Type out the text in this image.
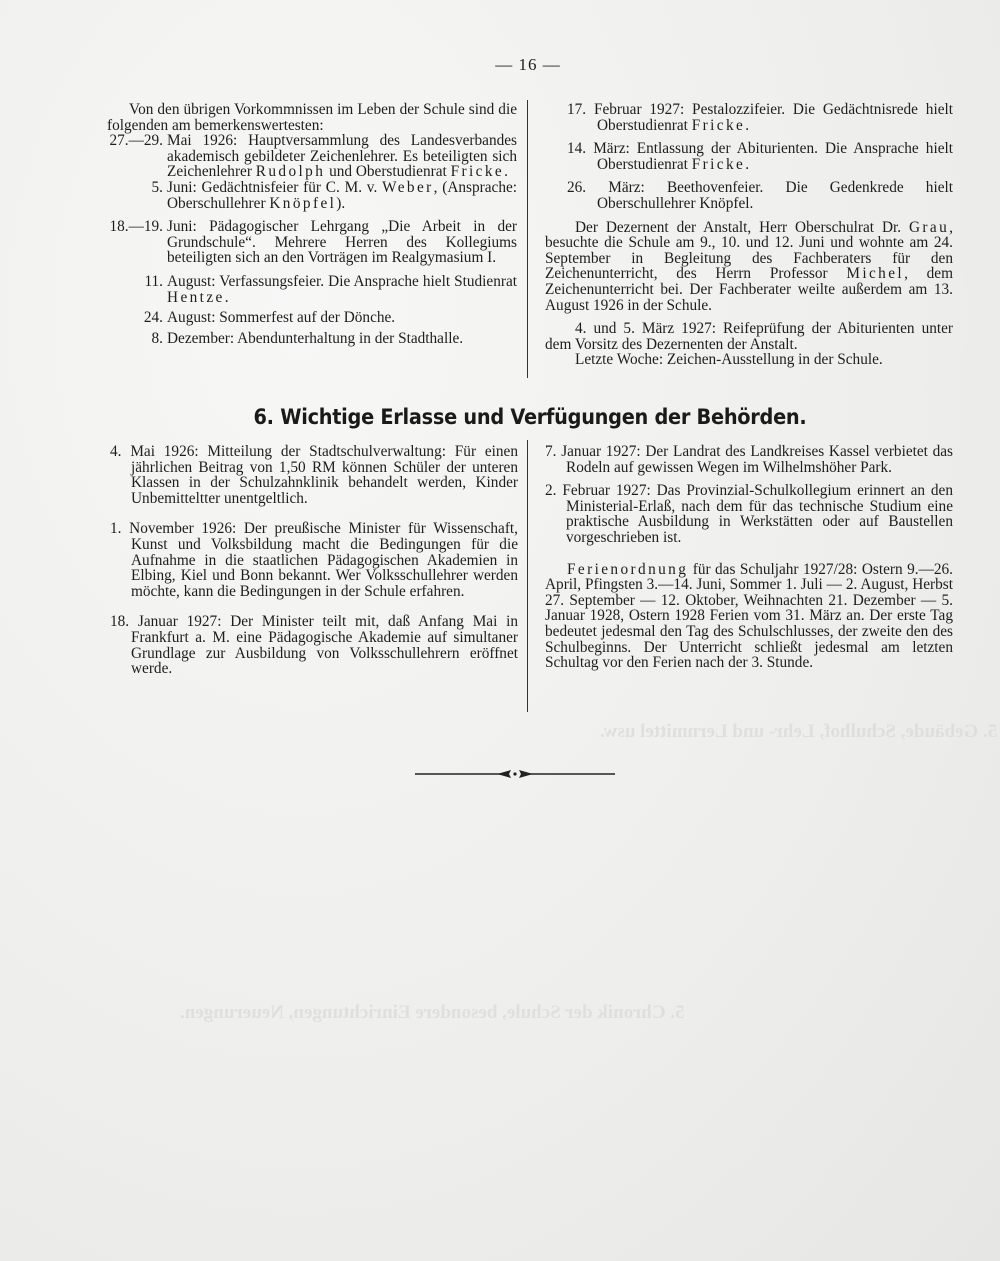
5. Gebäude, Schulhof, Lehr- und Lernmittel usw.
5. Chronik der Schule, besondere Einrichtungen, Neuerungen.
— 16 —

Von den übrigen Vorkommnissen im Leben der Schule sind die folgenden am bemerkenswertesten:

27.—29. Mai 1926: Hauptversammlung des Landesverbandes akademisch gebildeter Zeichenlehrer. Es beteiligten sich Zeichenlehrer Rudolph und Oberstudienrat Fricke.

5. Juni: Gedächtnisfeier für C. M. v. Weber, (Ansprache: Oberschullehrer Knöpfel).

18.—19. Juni: Pädagogischer Lehrgang „Die Arbeit in der Grundschule“. Mehrere Herren des Kollegiums beteiligten sich an den Vorträgen im Realgymasium I.

11. August: Verfassungsfeier. Die Ansprache hielt Studienrat Hentze.

24. August: Sommerfest auf der Dönche.

8. Dezember: Abendunterhaltung in der Stadthalle.

17. Februar 1927: Pestalozzifeier. Die Gedächtnisrede hielt Oberstudienrat Fricke.

14. März: Entlassung der Abiturienten. Die Ansprache hielt Oberstudienrat Fricke.

26. März: Beethovenfeier. Die Gedenkrede hielt Oberschullehrer Knöpfel.

Der Dezernent der Anstalt, Herr Oberschulrat Dr. Grau, besuchte die Schule am 9., 10. und 12. Juni und wohnte am 24. September in Begleitung des Fachberaters für den Zeichenunterricht, des Herrn Professor Michel, dem Zeichenunterricht bei. Der Fachberater weilte außerdem am 13. August 1926 in der Schule.

4. und 5. März 1927: Reifeprüfung der Abiturienten unter dem Vorsitz des Dezernenten der Anstalt.

Letzte Woche: Zeichen-Ausstellung in der Schule.

6. Wichtige Erlasse und Verfügungen der Behörden.

4. Mai 1926: Mitteilung der Stadtschulverwaltung: Für einen jährlichen Beitrag von 1,50 RM können Schüler der unteren Klassen in der Schulzahnklinik behandelt werden, Kinder Unbemitteltter unentgeltlich.

1. November 1926: Der preußische Minister für Wissenschaft, Kunst und Volksbildung macht die Bedingungen für die Aufnahme in die staatlichen Pädagogischen Akademien in Elbing, Kiel und Bonn bekannt. Wer Volksschullehrer werden möchte, kann die Bedingungen in der Schule erfahren.

18. Januar 1927: Der Minister teilt mit, daß Anfang Mai in Frankfurt a. M. eine Pädagogische Akademie auf simultaner Grundlage zur Ausbildung von Volksschullehrern eröffnet werde.

7. Januar 1927: Der Landrat des Landkreises Kassel verbietet das Rodeln auf gewissen Wegen im Wilhelmshöher Park.

2. Februar 1927: Das Provinzial-Schulkollegium erinnert an den Ministerial-Erlaß, nach dem für das technische Studium eine praktische Ausbildung in Werkstätten oder auf Baustellen vorgeschrieben ist.

Ferienordnung für das Schuljahr 1927/28: Ostern 9.—26. April, Pfingsten 3.—14. Juni, Sommer 1. Juli — 2. August, Herbst 27. September — 12. Oktober, Weihnachten 21. Dezember — 5. Januar 1928, Ostern 1928 Ferien vom 31. März an. Der erste Tag bedeutet jedesmal den Tag des Schulschlusses, der zweite den des Schulbeginns. Der Unterricht schließt jedesmal am letzten Schultag vor den Ferien nach der 3. Stunde.
